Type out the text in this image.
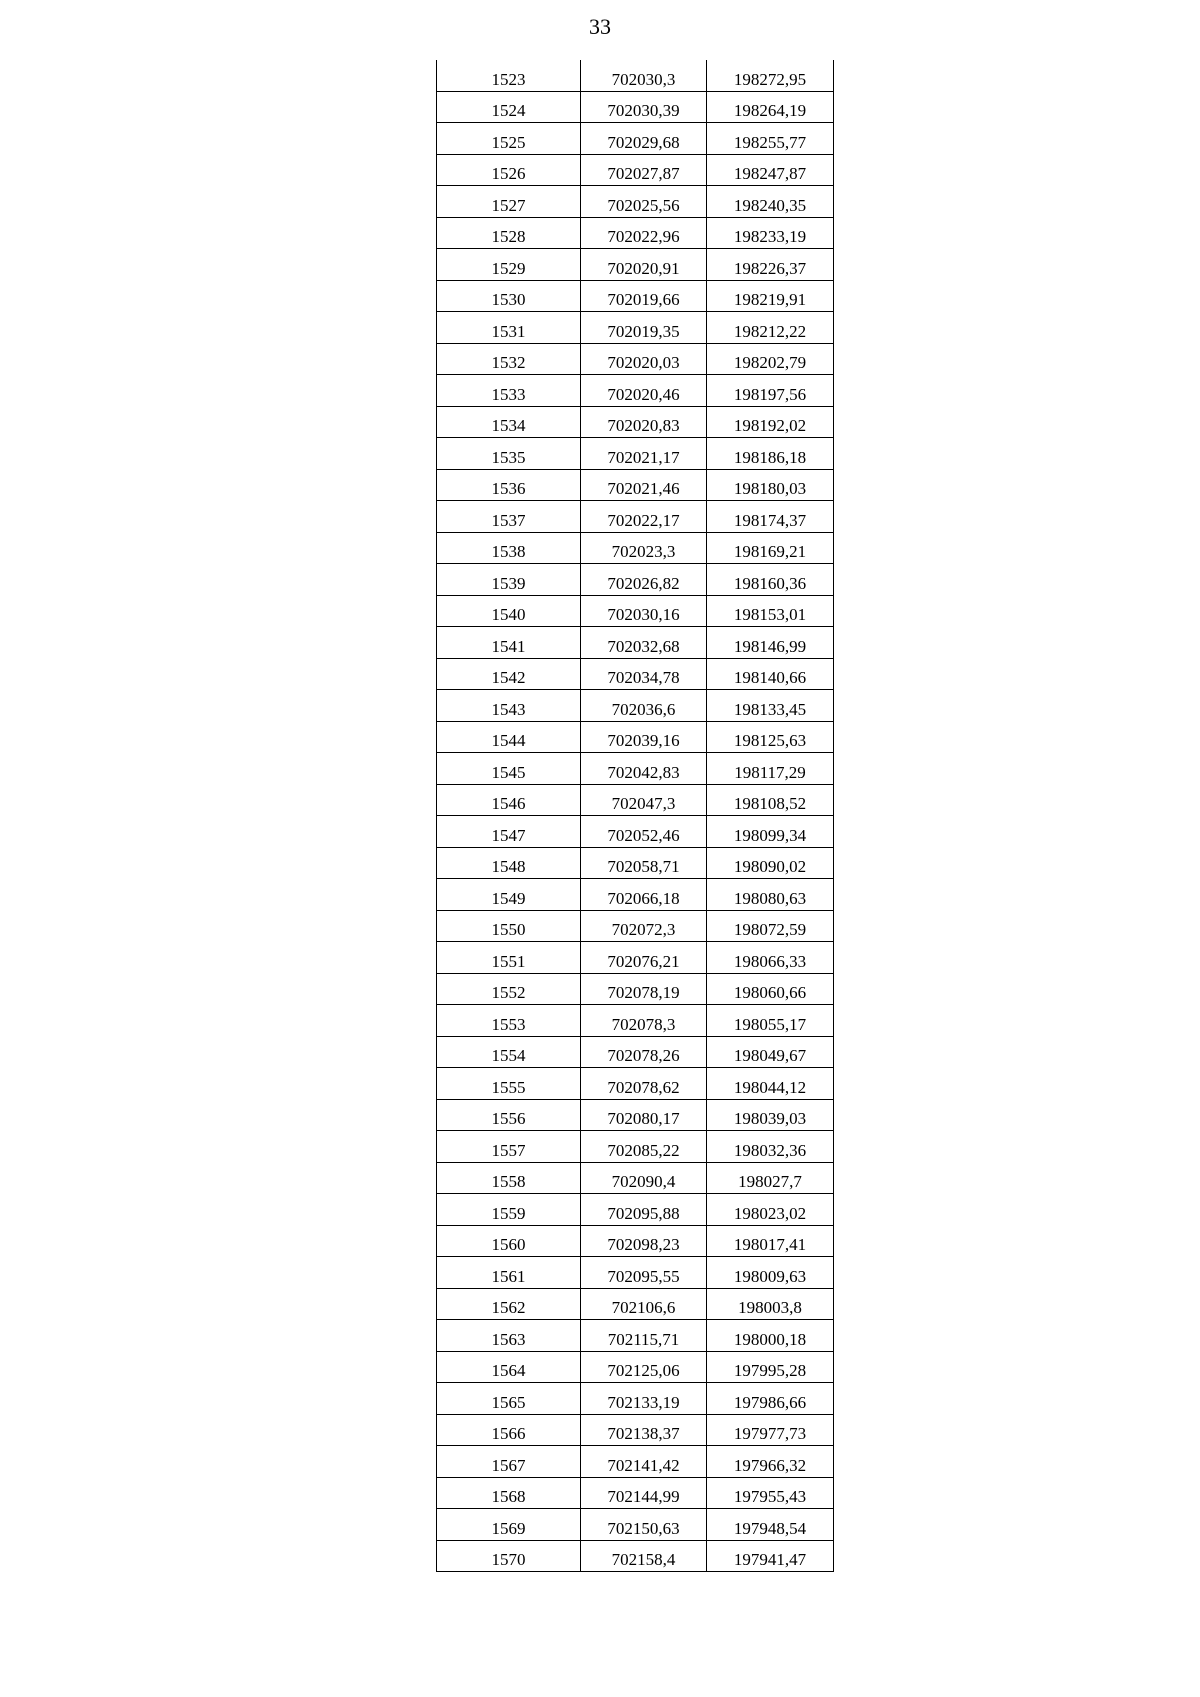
33
1523	702030,3	198272,95
1524	702030,39	198264,19
1525	702029,68	198255,77
1526	702027,87	198247,87
1527	702025,56	198240,35
1528	702022,96	198233,19
1529	702020,91	198226,37
1530	702019,66	198219,91
1531	702019,35	198212,22
1532	702020,03	198202,79
1533	702020,46	198197,56
1534	702020,83	198192,02
1535	702021,17	198186,18
1536	702021,46	198180,03
1537	702022,17	198174,37
1538	702023,3	198169,21
1539	702026,82	198160,36
1540	702030,16	198153,01
1541	702032,68	198146,99
1542	702034,78	198140,66
1543	702036,6	198133,45
1544	702039,16	198125,63
1545	702042,83	198117,29
1546	702047,3	198108,52
1547	702052,46	198099,34
1548	702058,71	198090,02
1549	702066,18	198080,63
1550	702072,3	198072,59
1551	702076,21	198066,33
1552	702078,19	198060,66
1553	702078,3	198055,17
1554	702078,26	198049,67
1555	702078,62	198044,12
1556	702080,17	198039,03
1557	702085,22	198032,36
1558	702090,4	198027,7
1559	702095,88	198023,02
1560	702098,23	198017,41
1561	702095,55	198009,63
1562	702106,6	198003,8
1563	702115,71	198000,18
1564	702125,06	197995,28
1565	702133,19	197986,66
1566	702138,37	197977,73
1567	702141,42	197966,32
1568	702144,99	197955,43
1569	702150,63	197948,54
1570	702158,4	197941,47
